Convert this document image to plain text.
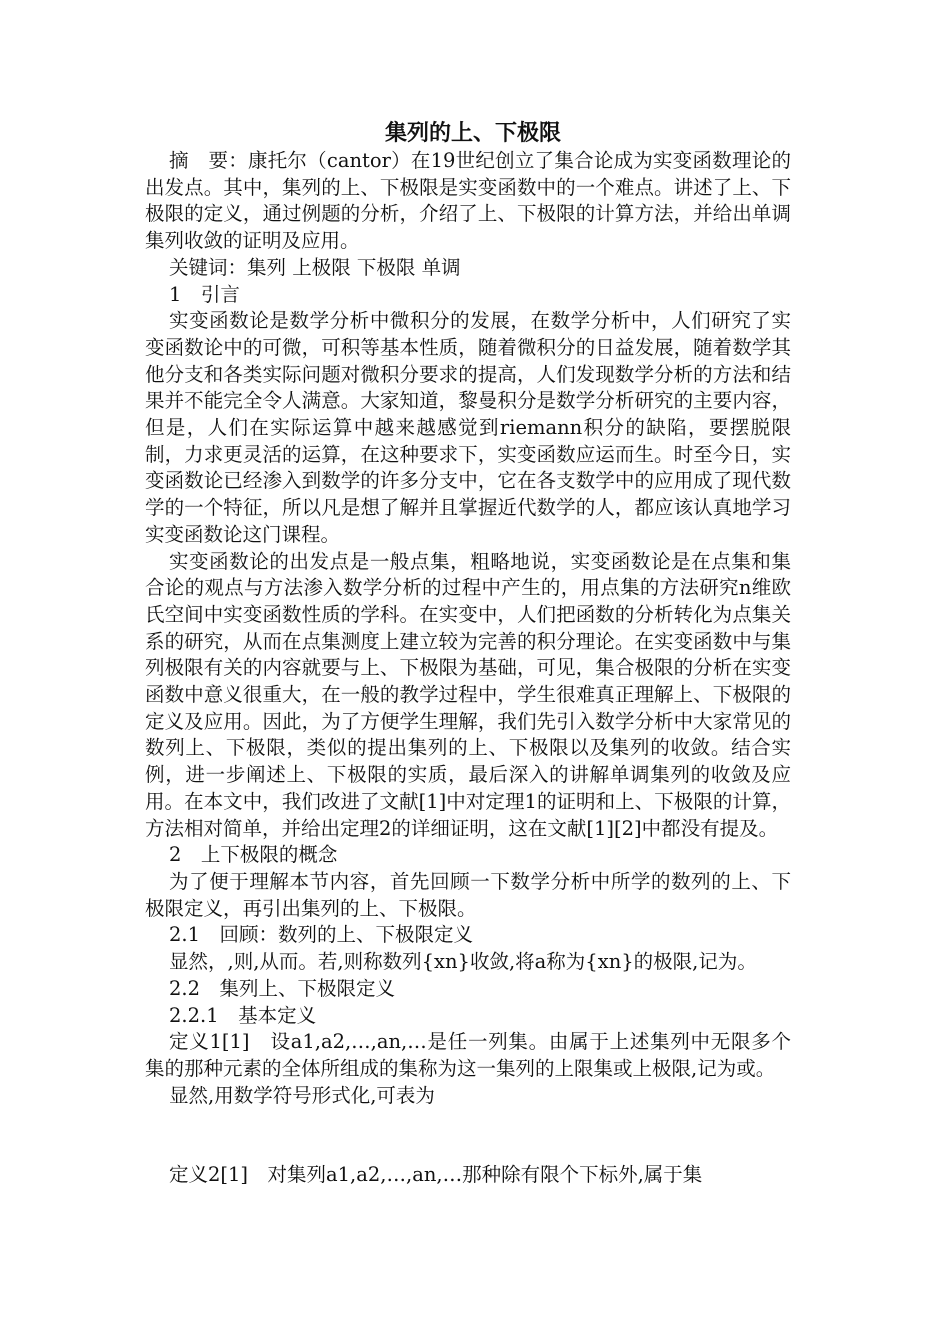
集列的上、下极限

摘　要：康托尔（cantor）在19世纪创立了集合论成为实变函数理论的出发点。其中，集列的上、下极限是实变函数中的一个难点。讲述了上、下极限的定义，通过例题的分析，介绍了上、下极限的计算方法，并给出单调集列收敛的证明及应用。

关键词：集列 上极限 下极限 单调

1　引言

实变函数论是数学分析中微积分的发展，在数学分析中，人们研究了实变函数论中的可微，可积等基本性质，随着微积分的日益发展，随着数学其他分支和各类实际问题对微积分要求的提高，人们发现数学分析的方法和结果并不能完全令人满意。大家知道，黎曼积分是数学分析研究的主要内容，但是，人们在实际运算中越来越感觉到riemann积分的缺陷，要摆脱限制，力求更灵活的运算，在这种要求下，实变函数应运而生。时至今日，实变函数论已经渗入到数学的许多分支中，它在各支数学中的应用成了现代数学的一个特征，所以凡是想了解并且掌握近代数学的人，都应该认真地学习实变函数论这门课程。

实变函数论的出发点是一般点集，粗略地说，实变函数论是在点集和集合论的观点与方法渗入数学分析的过程中产生的，用点集的方法研究n维欧氏空间中实变函数性质的学科。在实变中，人们把函数的分析转化为点集关系的研究，从而在点集测度上建立较为完善的积分理论。在实变函数中与集列极限有关的内容就要与上、下极限为基础，可见，集合极限的分析在实变函数中意义很重大，在一般的教学过程中，学生很难真正理解上、下极限的定义及应用。因此，为了方便学生理解，我们先引入数学分析中大家常见的数列上、下极限，类似的提出集列的上、下极限以及集列的收敛。结合实例，进一步阐述上、下极限的实质，最后深入的讲解单调集列的收敛及应用。在本文中，我们改进了文献[1]中对定理1的证明和上、下极限的计算，方法相对简单，并给出定理2的详细证明，这在文献[1][2]中都没有提及。

2　上下极限的概念

为了便于理解本节内容，首先回顾一下数学分析中所学的数列的上、下极限定义，再引出集列的上、下极限。

2.1　回顾：数列的上、下极限定义

显然，,则,从而。若,则称数列{xn}收敛,将a称为{xn}的极限,记为。

2.2　集列上、下极限定义

2.2.1　基本定义

定义1[1]　设a1,a2,…,an,…是任一列集。由属于上述集列中无限多个集的那种元素的全体所组成的集称为这一集列的上限集或上极限,记为或。

显然,用数学符号形式化,可表为

定义2[1]　对集列a1,a2,…,an,…那种除有限个下标外,属于集
